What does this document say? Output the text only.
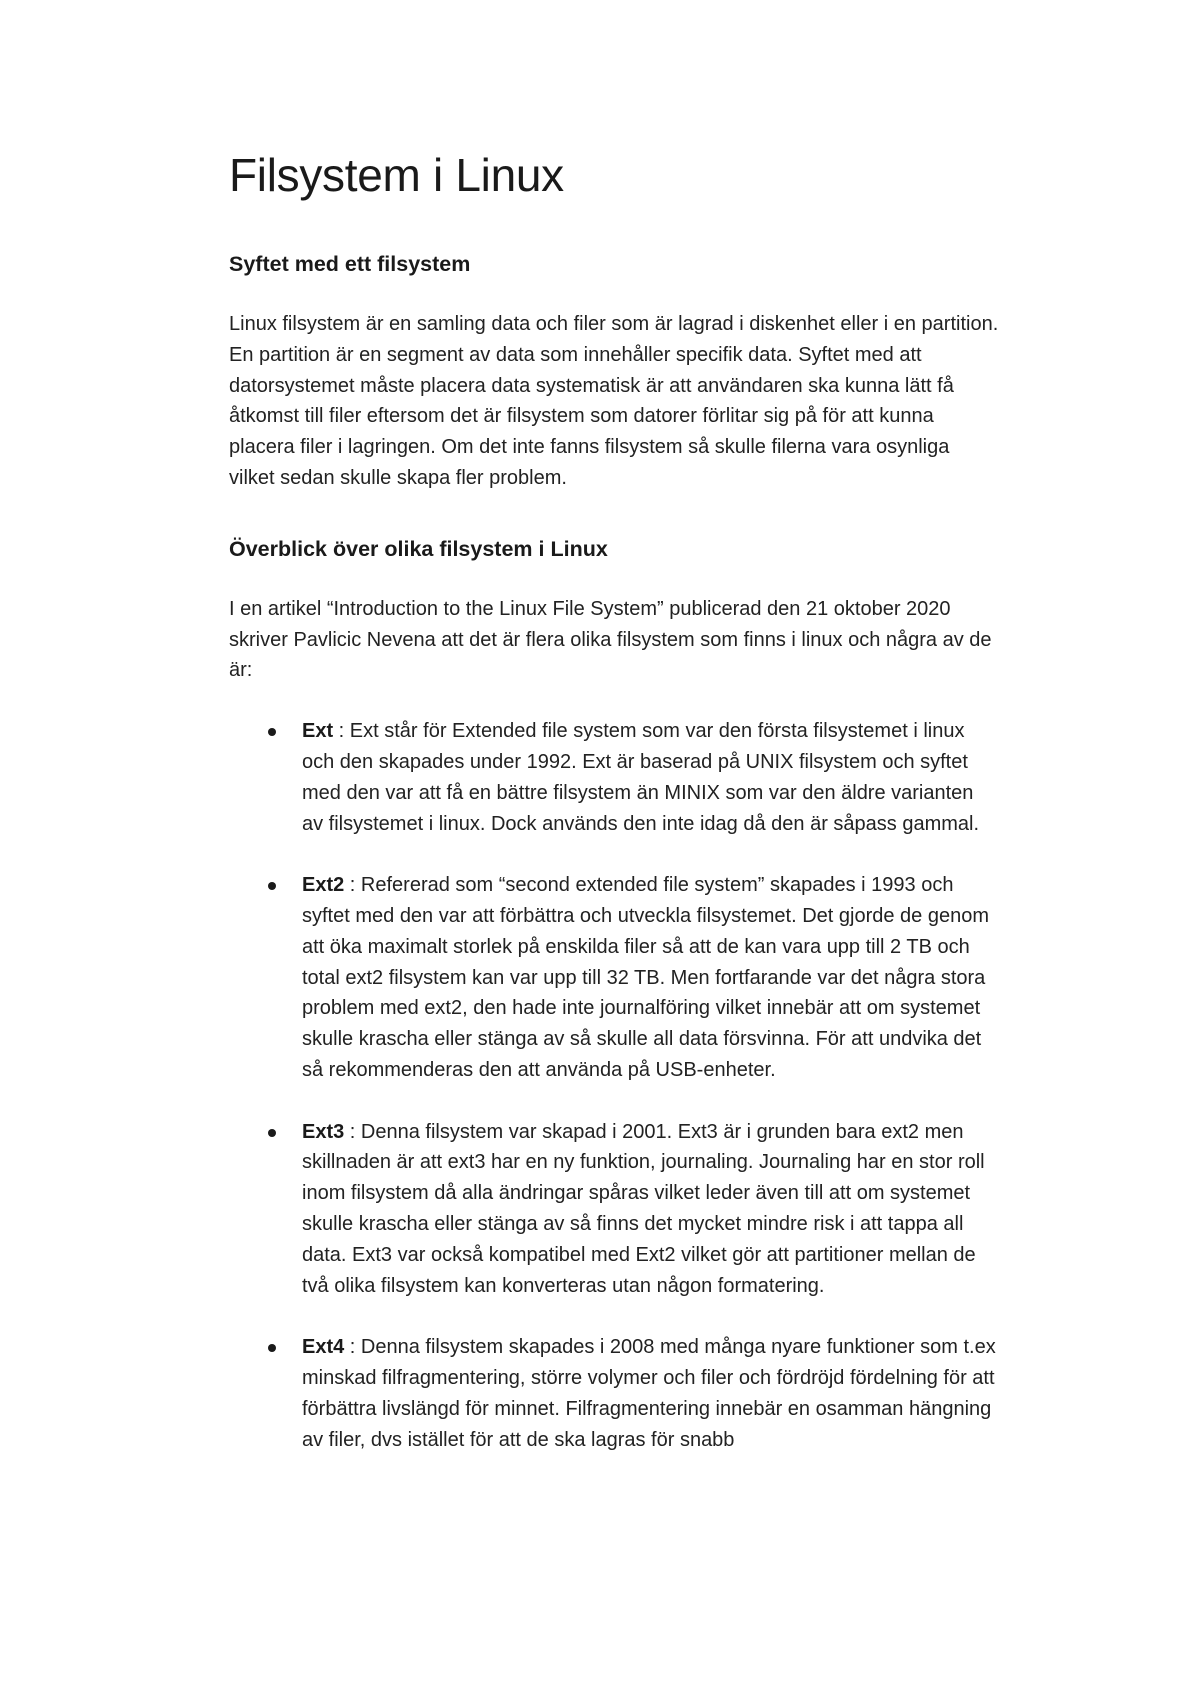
Filsystem i Linux
Syftet med ett filsystem

Linux filsystem är en samling data och filer som är lagrad i diskenhet eller i en partition. En partition är en segment av data som innehåller specifik data. Syftet med att datorsystemet måste placera data systematisk är att användaren ska kunna lätt få åtkomst till filer eftersom det är filsystem som datorer förlitar sig på för att kunna placera filer i lagringen. Om det inte fanns filsystem så skulle filerna vara osynliga vilket sedan skulle skapa fler problem.

Överblick över olika filsystem i Linux

I en artikel “Introduction to the Linux File System” publicerad den 21 oktober 2020 skriver Pavlicic Nevena att det är flera olika filsystem som finns i linux och några av de är:

Ext : Ext står för Extended file system som var den första filsystemet i linux och den skapades under 1992. Ext är baserad på UNIX filsystem och syftet med den var att få en bättre filsystem än MINIX som var den äldre varianten av filsystemet i linux. Dock används den inte idag då den är såpass gammal.
Ext2 : Refererad som “second extended file system” skapades i 1993 och syftet med den var att förbättra och utveckla filsystemet. Det gjorde de genom att öka maximalt storlek på enskilda filer så att de kan vara upp till 2 TB och total ext2 filsystem kan var upp till 32 TB. Men fortfarande var det några stora problem med ext2, den hade inte journalföring vilket innebär att om systemet skulle krascha eller stänga av så skulle all data försvinna. För att undvika det så rekommenderas den att använda på USB-enheter.
Ext3 : Denna filsystem var skapad i 2001. Ext3 är i grunden bara ext2 men skillnaden är att ext3 har en ny funktion, journaling. Journaling har en stor roll inom filsystem då alla ändringar spåras vilket leder även till att om systemet skulle krascha eller stänga av så finns det mycket mindre risk i att tappa all data. Ext3 var också kompatibel med Ext2 vilket gör att partitioner mellan de två olika filsystem kan konverteras utan någon formatering.
Ext4 : Denna filsystem skapades i 2008 med många nyare funktioner som t.ex minskad filfragmentering, större volymer och filer och fördröjd fördelning för att förbättra livslängd för minnet. Filfragmentering innebär en osamman hängning av filer, dvs istället för att de ska lagras för snabb
